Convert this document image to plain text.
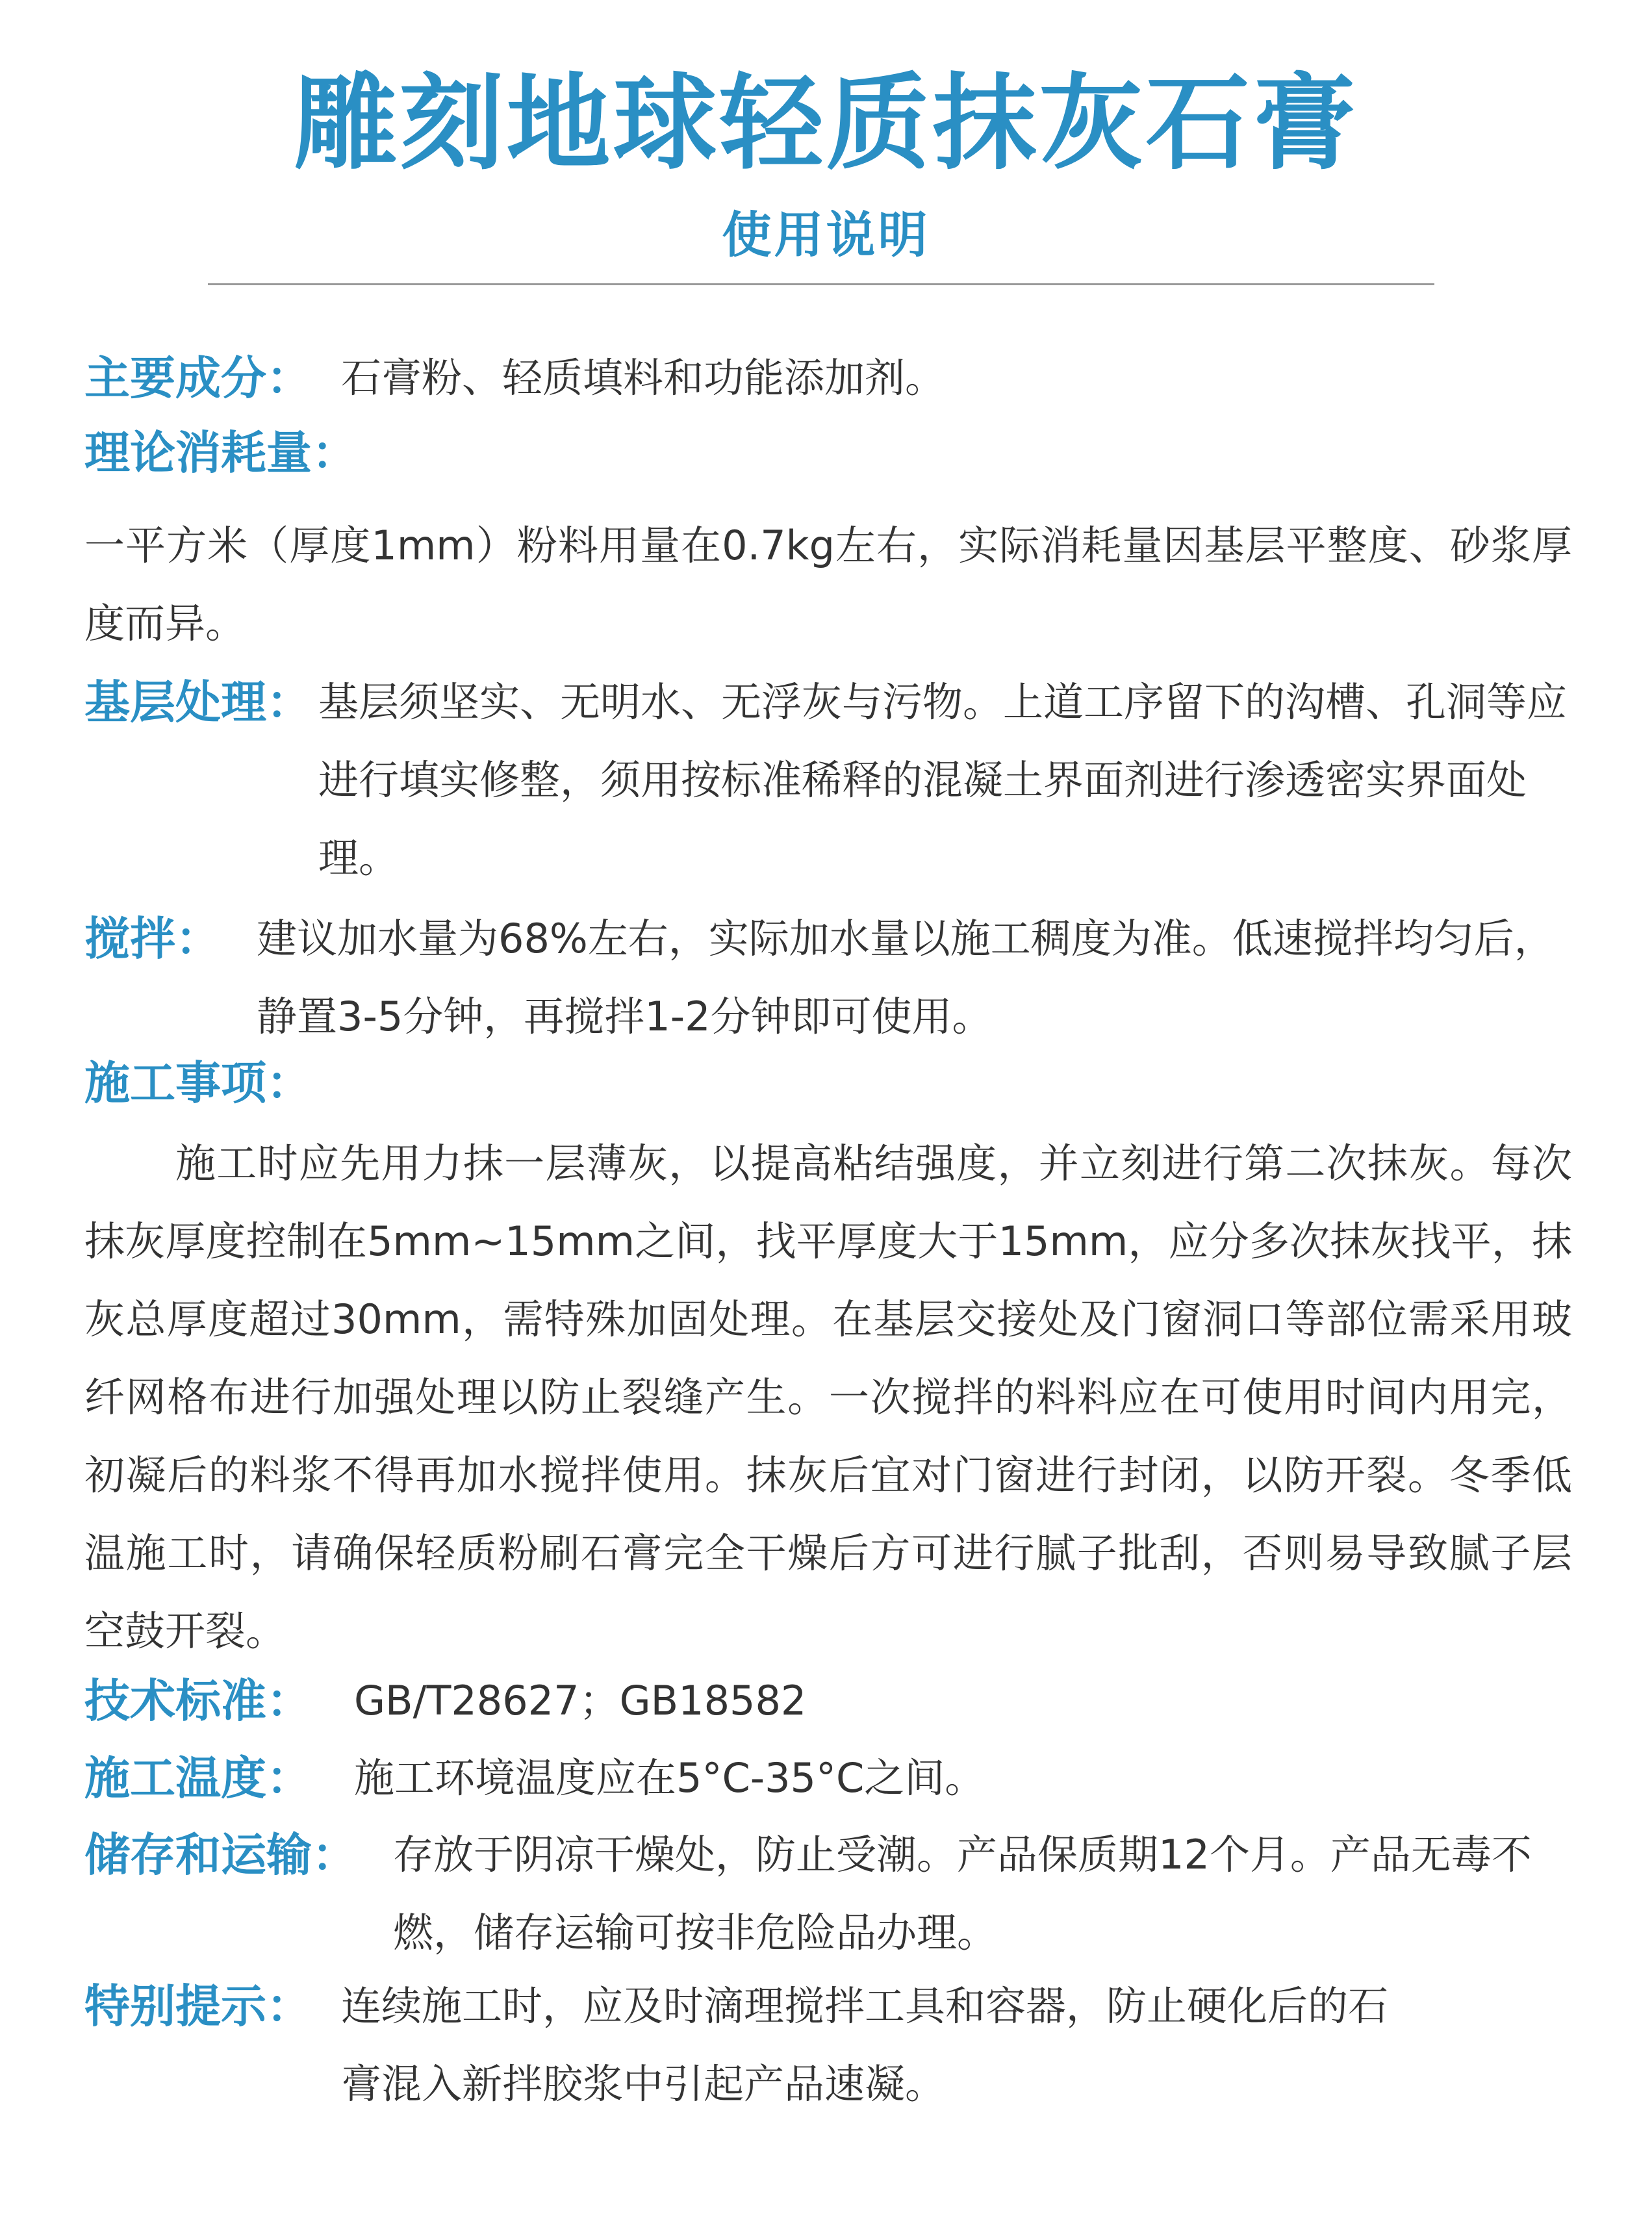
雕刻地球轻质抹灰石膏
使用说明
主要成分： 石膏粉、轻质填料和功能添加剂。
理论消耗量：
一平方米（厚度1mm）粉料用量在0.7kg左右，实际消耗量因基层平整度、砂浆厚度而异。
基层处理： 基层须坚实、无明水、无浮灰与污物。上道工序留下的沟槽、孔洞等应进行填实修整，须用按标准稀释的混凝土界面剂进行渗透密实界面处理。
搅拌： 建议加水量为68%左右，实际加水量以施工稠度为准。低速搅拌均匀后，静置3-5分钟，再搅拌1-2分钟即可使用。
施工事项：
施工时应先用力抹一层薄灰，以提高粘结强度，并立刻进行第二次抹灰。每次抹灰厚度控制在5mm~15mm之间，找平厚度大于15mm，应分多次抹灰找平，抹灰总厚度超过30mm，需特殊加固处理。在基层交接处及门窗洞口等部位需采用玻纤网格布进行加强处理以防止裂缝产生。一次搅拌的料料应在可使用时间内用完，初凝后的料浆不得再加水搅拌使用。抹灰后宜对门窗进行封闭，以防开裂。冬季低温施工时，请确保轻质粉刷石膏完全干燥后方可进行腻子批刮，否则易导致腻子层空鼓开裂。
技术标准： GB/T28627；GB18582
施工温度： 施工环境温度应在5°C-35°C之间。
储存和运输： 存放于阴凉干燥处，防止受潮。产品保质期12个月。产品无毒不燃，储存运输可按非危险品办理。
特别提示： 连续施工时，应及时滴理搅拌工具和容器，防止硬化后的石膏混入新拌胶浆中引起产品速凝。
